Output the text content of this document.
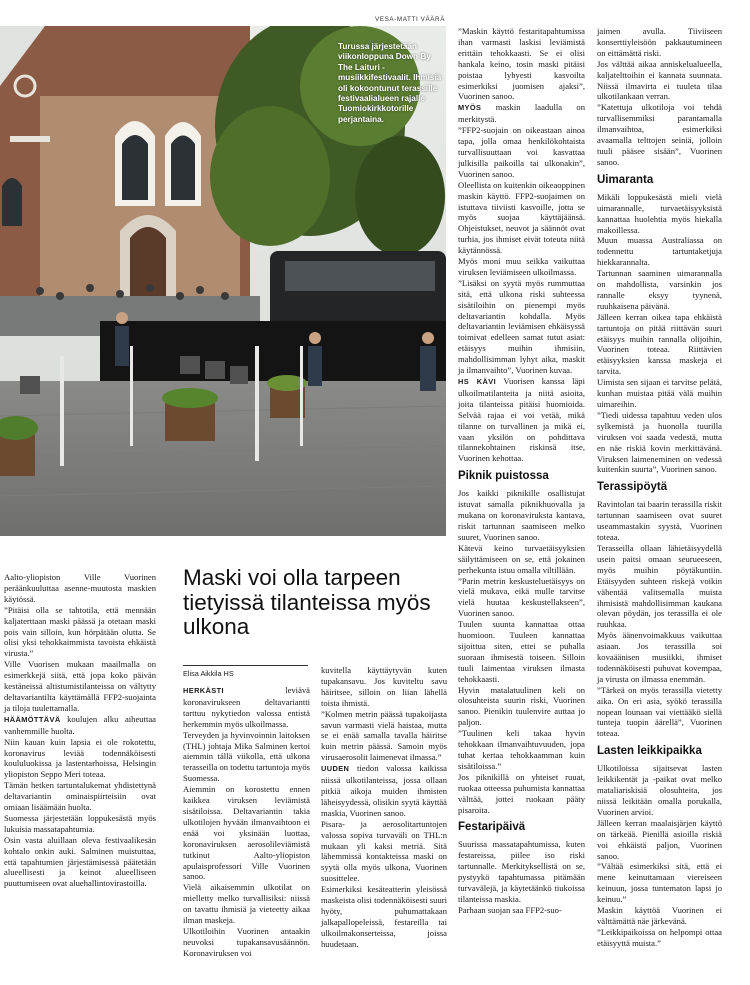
VESA-MATTI VÄÄRÄ
Turussa järjestetään viikonloppuna Down By The Laituri -musiikkifestivaalit. Ihmisiä oli kokoontunut terassille festivaalialueen rajalle Tuomiokirkkotorille perjantaina.
Maski voi olla tarpeen tietyissä tilanteissa myös ulkona
Elisa Aikkila HS

Aalto-yliopiston Ville Vuorinen peräänkuuluttaa asenne-muutosta maskien käytössä.

”Pitäisi olla se tahtotila, että mennään kaljaterttaan maski päässä ja otetaan maski pois vain silloin, kun hörpätään olutta. Se olisi yksi tehokkaimmista tavoista ehkäistä virusta.”

Ville Vuorisen mukaan maailmalla on esimerkkejä siitä, että jopa koko päivän kestäneissä altistumistilanteissa on vältytty deltavariantilta käyttämällä FFP2-suojainta ja tiloja tuulettamalla.

HÄÄMÖTTÄVÄ koulujen alku aiheuttaa vanhemmille huolta.

Niin kauan kuin lapsia ei ole rokotettu, koronavirus leviää todennäköisesti koululuokissa ja lastentarhoissa, Helsingin yliopiston Seppo Meri toteaa.

Tämän hetken tartuntalukemat yhdistettynä deltavariantin ominaispiirteisiin ovat omiaan lisäämään huolta.

Suomessa järjestetään loppukesästä myös lukuisia massatapahtumia.

Osin vasta aluillaan oleva festivaalikesän kohtalo onkin auki. Salminen muistuttaa, että tapahtumien järjestämisessä päätetään alueellisesti ja keinot alueelliseen puuttumiseen ovat aluehallintovirastoilla.

HERKÄSTI	leviävä koronavirukseen deltavariantti tarttuu nykytiedon valossa entistä herkemmin myös ulkoilmassa.

Terveyden ja hyvinvoinnin laitoksen (THL) johtaja Mika Salminen kertoi aiemmin tällä viikolla, että ulkona terasseilla on todettu tartuntoja myös Suomessa.

Aiemmin on korostettu ennen kaikkea viruksen leviämistä sisätiloissa. Deltavariantin takia ulkotilojen hyvään ilmanvaihtoon ei enää voi yksinään luottaa, koronaviruksen aerosolileviämistä tutkinut Aalto-yliopiston apulaisprofessori Ville Vuorinen sanoo.

Vielä aikaisemmin ulkotilat on mielletty melko turvallisiksi: niissä on tavattu ihmisiä ja vieteetty aikaa ilman maskeja.

Ulkotiloihin Vuorinen antaakin neuvoksi tupakansavusäännön. Koronaviruksen voi

kuvitella käyttäytyvän kuten tupakansavu. Jos kuviteltu savu häiritsee, silloin on liian lähellä toista ihmistä.

”Kolmen metrin päässä tupakoijasta savun varmasti vielä haistaa, mutta se ei enää samalla tavalla häiritse kuin metrin päässä. Samoin myös virusaerosolit laimenevat ilmassa.”

UUDEN tiedon valossa kaikissa niissä ulkotilanteissa, jossa ollaan pitkiä aikoja muiden ihmisten läheisyydessä, olisikin syytä käyttää maskia, Vuorinen sanoo.

Pisara- ja aerosolitartuntojen valossa sopiva turvaväli on THL:n mukaan yli kaksi metriä. Sitä lähemmissä kontakteissa maski on syytä olla myös ulkona, Vuorinen suosittelee.

Esimerkiksi kesäteatterin yleisössä maskeista olisi todennäköisesti suuri hyöty, puhumattakaan jalkapallopeleissä, festareilla tai ulkoilmakonserteissa, joissa huudetaan.

”Maskin käyttö festaritapahtumissa ihan varmasti laskisi leviämistä erittäin tehokkaasti. Se ei olisi hankala keino, tosin maski pitäisi poistaa lyhyesti kasvoilta esimerkiksi juomisen ajaksi”, Vuorinen sanoo.

MYÖS maskin laadulla on merkitystä.

”FFP2-suojain on oikeastaan ainoa tapa, jolla omaa henkilökohtaista turvallisuuttaan voi kasvattaa julkisilla paikoilla tai ulkonakin”, Vuorinen sanoo.

Oleellista on kuitenkin oikeaoppinen maskin käyttö. FFP2-suojaimen on istuttava tiiviisti kasvoille, jotta se myös suojaa käyttäjäänsä. Ohjeistukset, neuvot ja säännöt ovat turhia, jos ihmiset eivät toteuta niitä käytännössä.

Myös moni muu seikka vaikuttaa viruksen leviämiseen ulkoilmassa.

”Lisäksi on syytä myös rummuttaa sitä, että ulkona riski suhteessa sisätiloihin on pienempi myös deltavariantin kohdalla. Myös deltavariantin leviämisen ehkäisyssä toimivat edelleen samat tutut asiat: etäisyys muihin ihmisiin, mahdollisimman lyhyt aika, maskit ja ilmanvaihto”, Vuorinen kuvaa.

HS KÄVI Vuorisen kanssa läpi ulkoilmatilanteita ja niitä asioita, joita tilanteissa pitäisi huomioida. Selvää rajaa ei voi vetää, mikä tilanne on turvallinen ja mikä ei, vaan yksilön on pohdittava tilannekohtainen riskinsä itse, Vuorinen kehottaa.

Piknik puistossa

Jos kaikki piknikille osallistujat istuvat samalla piknikhuovalla ja mukana on koronaviruksta kantava, riskit tartunnan saamiseen melko suuret, Vuorinen sanoo.

Kätevä keino turvaetäisyyksien säilyttämiseen on se, että jokainen perhekunta istuu omalla viltillään.

”Parin metrin keskusteluetäisyys on vielä mukava, eikä mulle tarvitse vielä huutaa keskustellakseen”, Vuorinen sanoo.

Tuulen suunta kannattaa ottaa huomioon. Tuuleen kannattaa sijoittua siten, ettei se puhalla suoraan ihmisestä toiseen. Silloin tuuli laimentaa viruksen ilmasta tehokkaasti.

Hyvin matalatuulinen keli on olosuhteista suurin riski, Vuorinen sanoo. Pienikin tuulenvire auttaa jo paljon.

”Tuulinen keli takaa hyvin tehokkaan ilmanvaihtuvuuden, jopa tuhat kertaa tehokkaamman kuin sisätiloissa.”

Jos piknikillä on yhteiset ruuat, ruokaa otteessa puhumista kannattaa välttää, jottei ruokaan pääty pisaroita.

Festaripäivä

Suurissa massatapahtumissa, kuten festareissa, piilee iso riski tartunnalle. Merkityksellistä on se, pystyykö tapahtumassa pitämään turvavälejä, ja käytetäänkö tiukoissa tilanteissa maskia.

Parhaan suojan saa FFP2-suo-

jaimen avulla. Tiiviiseen konserttiyleisöön pakkautumineen on eittämättä riski.

Jos välttää aikaa anniskelualueella, kaljatelttoihin ei kannata suunnata. Niissä ilmavirta ei tuuleta tilaa ulkotilankaan verran.

”Katettuja ulkotiloja voi tehdä turvallisemmiksi parantamalla ilmanvaihtoa, esimerkiksi avaamalla telttojen seiniä, jolloin tuuli pääsee sisään”, Vuorinen sanoo.

Uimaranta

Mikäli loppukesästä mieli vielä uimarannalle, turvaetäisyyksistä kannattaa huolehtia myös hiekalla makoillessa.

Muun muassa Australiassa on todennettu tartuntaketjuja hiekkarannalta.

Tartunnan saaminen uimarannalla on mahdollista, varsinkin jos rannalle eksyy tyynenä, ruuhkaisena päivänä.

Jälleen kerran oikea tapa ehkäistä tartuntoja on pitää riittävän suuri etäisyys muihin rannalla olijoihin, Vuorinen toteaa. Riittävien etäisyyksien kanssa maskeja ei tarvita.

Uimista sen sijaan ei tarvitse pelätä, kunhan muistaa pitää välä muihin uimareihin.

”Tiedi uidessa tapahtuu veden ulos sylkemistä ja huonolla tuurilla viruksen voi saada vedestä, mutta en näe riskiä kovin merkittävänä. Viruksen laimeneminen on vedessä kuitenkin suurta”, Vuorinen sanoo.

Terassipöytä

Ravintolan tai baarin terassilla riskit tartunnan saamiseen ovat suuret useammastakin syystä, Vuorinen toteaa.

Terasseilla ollaan lähietäisyydellä usein paitsi omaan seurueeseen, myös muihin pöytäkuntiin. Etäisyyden suhteen riskejä voikin vähentää valitsemalla muista ihmisistä mahdollisimman kaukana olevan pöydän, jos terassilla ei ole ruuhkaa.

Myös äänenvoimakkuus vaikuttaa asiaan. Jos terassilla soi kovaäänisen musiikki, ihmiset todennäköisesti puhuvat kovempaa, ja virusta on ilmassa enemmän.

”Tärkeä on myös terassilla vietetty aika. On eri asia, syökö terassilla nopean lounaan vai viettääkö siellä tunteja tuopin äärellä”, Vuorinen toteaa.

Lasten leikkipaikka

Ulkotiloissa sijaitsevat lasten leikkikentät ja -paikat ovat melko mataliariskisiä olosuhteita, jos niissä leikitään omalla porukalla, Vuorinen arvioi.

Jälleen kerran maalaisjärjen käyttö on tärkeää. Pienillä asioilla riskiä voi ehkäistä paljon, Vuorinen sanoo.

”Vältää esimerkiksi sitä, että ei mene keinuttamaan viereiseen keinuun, jossa tuntematon lapsi jo keinuu.”

Maskin käyttöä Vuorinen ei välttämättä näe järkevänä.

”Leikkipaikoissa on helpompi ottaa etäisyyttä muista.”
